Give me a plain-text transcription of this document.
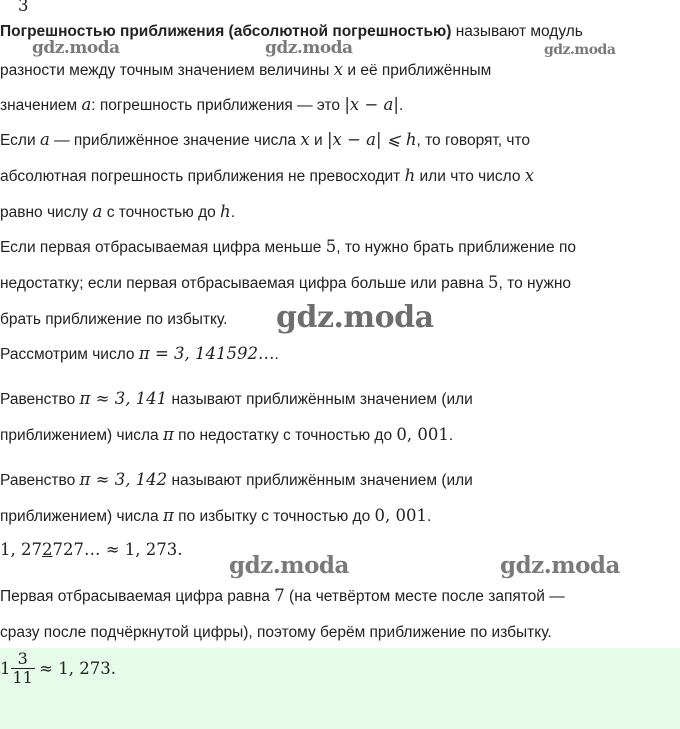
3
Погрешностью приближения (абсолютной погрешностью) называют модуль
разности между точным значением величины x и её приближённым
значением a: погрешность приближения — это |x − a|.
Если a — приближённое значение числа x и |x − a| ⩽ h, то говорят, что
абсолютная погрешность приближения не превосходит h или что число x
равно числу a с точностью до h.
Если первая отбрасываемая цифра меньше 5, то нужно брать приближение по
недостатку; если первая отбрасываемая цифра больше или равна 5, то нужно
брать приближение по избытку.
Рассмотрим число π = 3, 141592….
Равенство π ≈ 3, 141 называют приближённым значением (или
приближением) числа π по недостатку с точностью до 0, 001.
Равенство π ≈ 3, 142 называют приближённым значением (или
приближением) числа π по избытку с точностью до 0, 001.
1, 272727… ≈ 1, 273.
Первая отбрасываемая цифра равна 7 (на четвёртом месте после запятой —
сразу после подчёркнутой цифры), поэтому берём приближение по избытку.
$1 \frac{3}{11} \approx 1$, 273.
gdz.moda	gdz.moda	gdz.moda
gdz.moda
gdz.moda	gdz.moda
